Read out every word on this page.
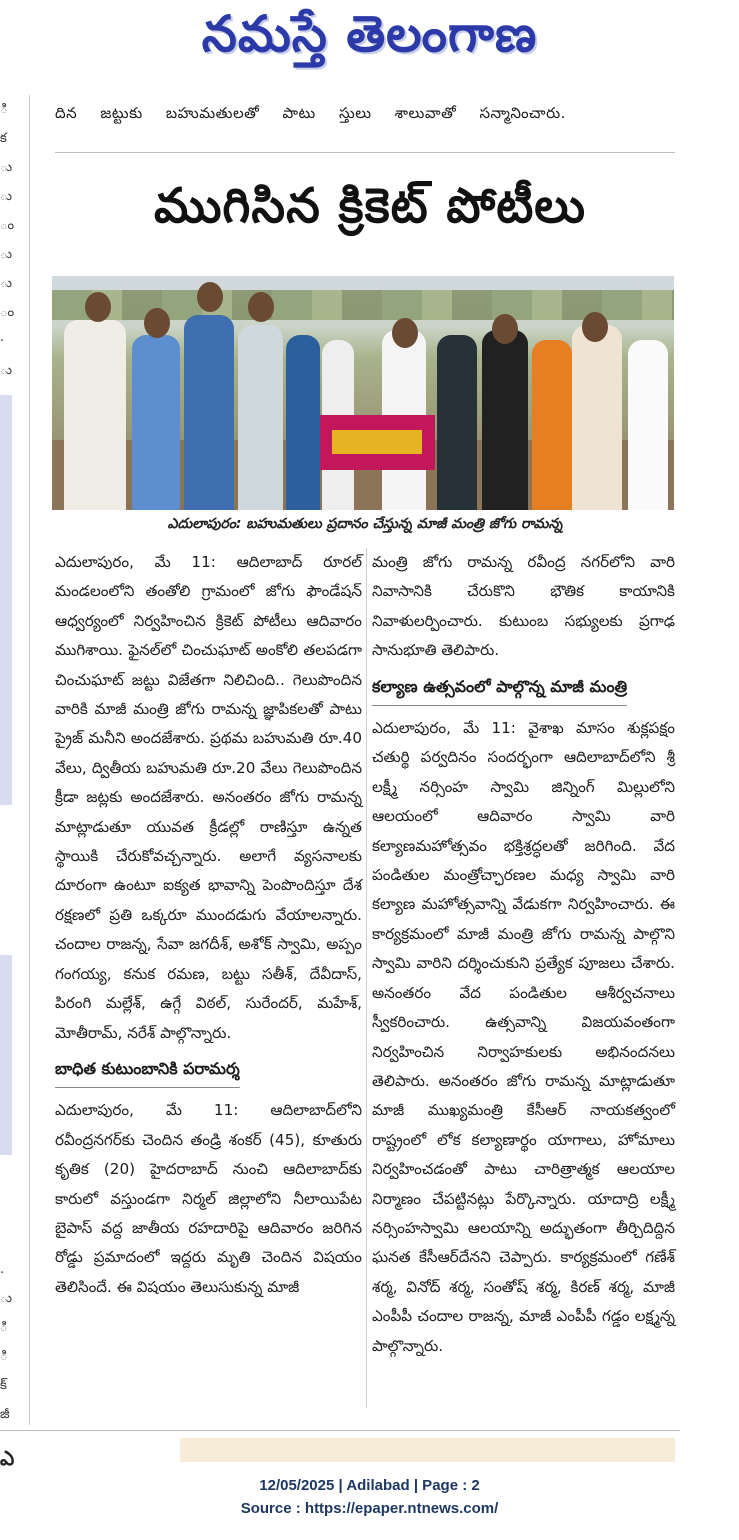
నమస్తే తెలంగాణ
ి
క
ు
ు
ం
ు
ు
ం
·
ు

.
ు
ి
ి
క్
జీ
దిన జట్టుకు బహుమతులతో పాటు స్తులు శాలువాతో సన్మానించారు.
ముగిసిన క్రికెట్ పోటీలు
ఎదులాపురం: బహుమతులు ప్రదానం చేస్తున్న మాజీ మంత్రి జోగు రామన్న

ఎదులాపురం, మే 11: ఆదిలాబాద్ రూరల్ మండలంలోని తంతోలి గ్రామంలో జోగు ఫౌండేషన్ ఆధ్వర్యంలో నిర్వహించిన క్రికెట్ పోటీలు ఆదివారం ముగిశాయి. ఫైనల్‌లో చించుఘాట్ అంకోలి తలపడగా చించుఘాట్ జట్టు విజేతగా నిలిచింది.. గెలుపొందిన వారికి మాజీ మంత్రి జోగు రామన్న జ్ఞాపికలతో పాటు ప్రైజ్ మనీని అందజేశారు. ప్రథమ బహుమతి రూ.40 వేలు, ద్వితీయ బహుమతి రూ.20 వేలు గెలుపొందిన క్రీడా జట్లకు అందజేశారు. అనంతరం జోగు రామన్న మాట్లాడుతూ యువత క్రీడల్లో రాణిస్తూ ఉన్నత స్థాయికి చేరుకోవచ్చన్నారు. అలాగే వ్యసనాలకు దూరంగా ఉంటూ ఐక్యత భావాన్ని పెంపొందిస్తూ దేశ రక్షణలో ప్రతి ఒక్కరూ ముందడుగు వేయాలన్నారు. చందాల రాజన్న, సేవా జగదీశ్, అశోక్ స్వామి, అప్పం గంగయ్య, కనుక రమణ, బట్టు సతీశ్, దేవీదాస్, పిరంగి మల్లేశ్, ఉగ్గే విఠల్, సురేందర్, మహేశ్, మోతీరామ్, నరేశ్ పాల్గొన్నారు.

బాధిత కుటుంబానికి పరామర్శ

ఎదులాపురం, మే 11: ఆదిలాబాద్‌లోని రవీంద్రనగర్‌కు చెందిన తండ్రి శంకర్ (45), కూతురు కృతిక (20) హైదరాబాద్ నుంచి ఆదిలాబాద్‌కు కారులో వస్తుండగా నిర్మల్ జిల్లాలోని నీలాయిపేట బైపాస్ వద్ద జాతీయ రహదారిపై ఆదివారం జరిగిన రోడ్డు ప్రమాదంలో ఇద్దరు మృతి చెందిన విషయం తెలిసిందే. ఈ విషయం తెలుసుకున్న మాజీ

మంత్రి జోగు రామన్న రవీంద్ర నగర్‌లోని వారి నివాసానికి చేరుకొని భౌతిక కాయానికి నివాళులర్పించారు. కుటుంబ సభ్యులకు ప్రగాఢ సానుభూతి తెలిపారు.

కల్యాణ ఉత్సవంలో పాల్గొన్న మాజీ మంత్రి

ఎదులాపురం, మే 11: వైశాఖ మాసం శుక్లపక్షం చతుర్థి పర్వదినం సందర్భంగా ఆదిలాబాద్‌లోని శ్రీ లక్ష్మీ నర్సింహ స్వామి జిన్నింగ్ మిల్లులోని ఆలయంలో ఆదివారం స్వామి వారి కల్యాణమహోత్సవం భక్తిశ్రద్ధలతో జరిగింది. వేద పండితుల మంత్రోచ్ఛారణల మధ్య స్వామి వారి కల్యాణ మహోత్సవాన్ని వేడుకగా నిర్వహించారు. ఈ కార్యక్రమంలో మాజీ మంత్రి జోగు రామన్న పాల్గొని స్వామి వారిని దర్శించుకుని ప్రత్యేక పూజలు చేశారు. అనంతరం వేద పండితుల ఆశీర్వచనాలు స్వీకరించారు. ఉత్సవాన్ని విజయవంతంగా నిర్వహించిన నిర్వాహకులకు అభినందనలు తెలిపారు. అనంతరం జోగు రామన్న మాట్లాడుతూ మాజీ ముఖ్యమంత్రి కేసీఆర్ నాయకత్వంలో రాష్ట్రంలో లోక కల్యాణార్థం యాగాలు, హోమాలు నిర్వహించడంతో పాటు చారిత్రాత్మక ఆలయాల నిర్మాణం చేపట్టినట్లు పేర్కొన్నారు. యాదాద్రి లక్ష్మీ నర్సింహస్వామి ఆలయాన్ని అద్భుతంగా తీర్చిదిద్దిన ఘనత కేసీఆర్‌దేనని చెప్పారు. కార్యక్రమంలో గణేశ్ శర్మ, వినోద్ శర్మ, సంతోష్ శర్మ, కిరణ్ శర్మ, మాజీ ఎంపీపీ చందాల రాజన్న, మాజీ ఎంపీపీ గడ్డం లక్ష్మన్న పాల్గొన్నారు.

ఎ
12/05/2025 | Adilabad | Page : 2
Source : https://epaper.ntnews.com/
